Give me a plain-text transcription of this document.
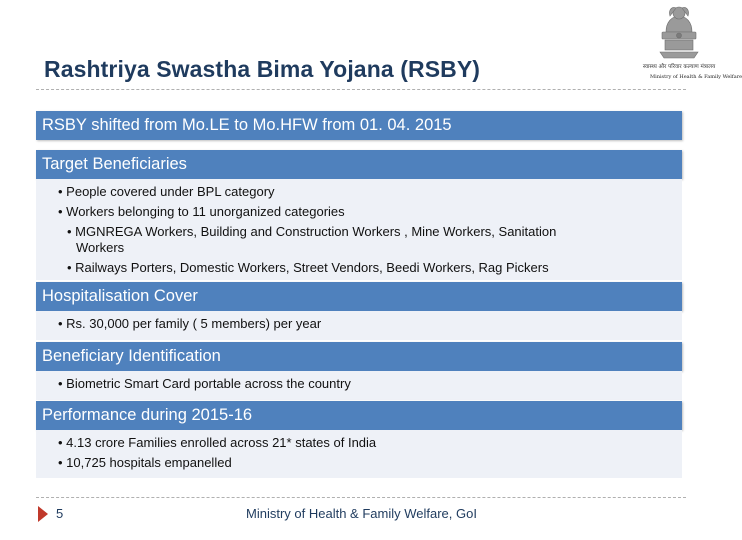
Rashtriya Swastha Bima Yojana (RSBY)	स्वास्थ्य और परिवार कल्याण मंत्रालय
Ministry of Health & Family Welfare
RSBY shifted from Mo.LE to Mo.HFW from 01. 04. 2015
Target Beneficiaries
• People covered under BPL category
• Workers belonging to 11 unorganized categories
• MGNREGA Workers, Building and Construction Workers , Mine Workers, Sanitation
Workers
• Railways Porters, Domestic Workers, Street Vendors, Beedi Workers, Rag Pickers
Hospitalisation Cover
• Rs. 30,000 per family ( 5 members) per year
Beneficiary Identification
• Biometric Smart Card portable across the country
Performance during 2015-16
• 4.13 crore Families enrolled across 21* states of India
• 10,725 hospitals empanelled
5	Ministry of Health & Family Welfare, GoI
